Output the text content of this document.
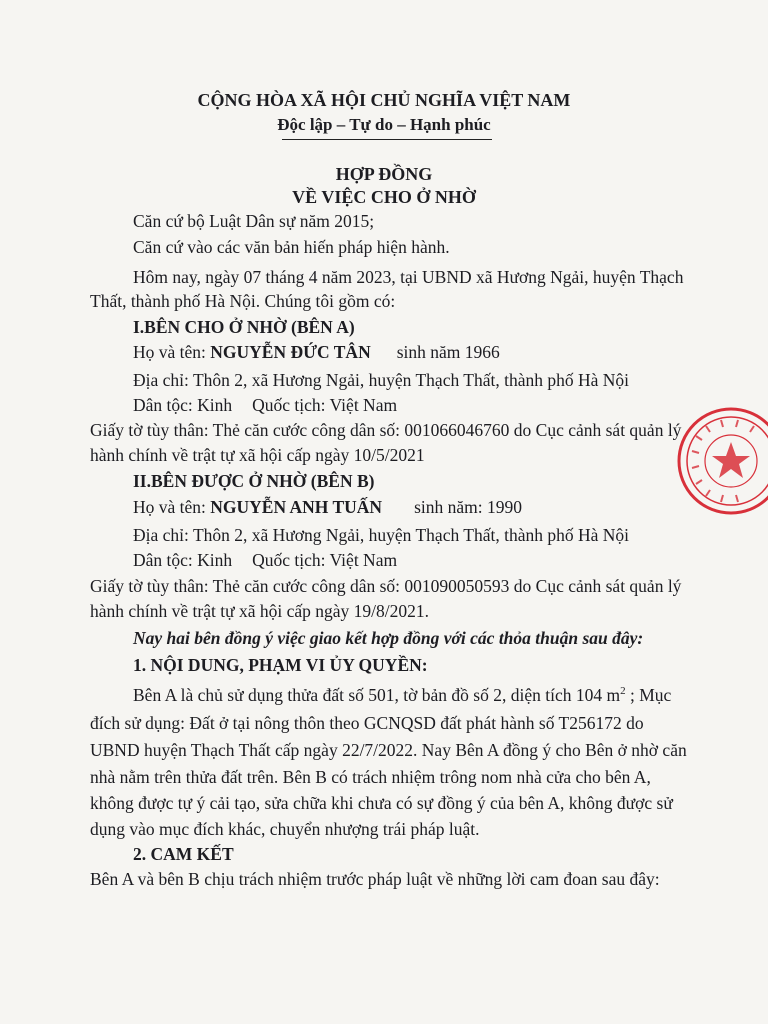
CỘNG HÒA XÃ HỘI CHỦ NGHĨA VIỆT NAM
Độc lập – Tự do – Hạnh phúc
HỢP ĐỒNG
VỀ VIỆC CHO Ở NHỜ
Căn cứ bộ Luật Dân sự năm 2015;
Căn cứ vào các văn bản hiến pháp hiện hành.
Hôm nay, ngày 07 tháng 4 năm 2023, tại UBND xã Hương Ngải, huyện Thạch
Thất, thành phố Hà Nội. Chúng tôi gồm có:
I.BÊN CHO Ở NHỜ (BÊN A)
Họ và tên: NGUYỄN ĐỨC TÂN sinh năm 1966
Địa chỉ: Thôn 2, xã Hương Ngải, huyện Thạch Thất, thành phố Hà Nội
Dân tộc: Kinh Quốc tịch: Việt Nam
Giấy tờ tùy thân: Thẻ căn cước công dân số: 001066046760 do Cục cảnh sát quản lý
hành chính về trật tự xã hội cấp ngày 10/5/2021
II.BÊN ĐƯỢC Ở NHỜ (BÊN B)
Họ và tên: NGUYỄN ANH TUẤN sinh năm: 1990
Địa chỉ: Thôn 2, xã Hương Ngải, huyện Thạch Thất, thành phố Hà Nội
Dân tộc: Kinh Quốc tịch: Việt Nam
Giấy tờ tùy thân: Thẻ căn cước công dân số: 001090050593 do Cục cảnh sát quản lý
hành chính về trật tự xã hội cấp ngày 19/8/2021.
Nay hai bên đồng ý việc giao kết hợp đồng với các thỏa thuận sau đây:
1. NỘI DUNG, PHẠM VI ỦY QUYỀN:
Bên A là chủ sử dụng thửa đất số 501, tờ bản đồ số 2, diện tích 104 $m^2$ ; Mục
đích sử dụng: Đất ở tại nông thôn theo GCNQSD đất phát hành số T256172 do
UBND huyện Thạch Thất cấp ngày 22/7/2022. Nay Bên A đồng ý cho Bên ở nhờ căn
nhà nằm trên thửa đất trên. Bên B có trách nhiệm trông nom nhà cửa cho bên A,
không được tự ý cải tạo, sửa chữa khi chưa có sự đồng ý của bên A, không được sử
dụng vào mục đích khác, chuyển nhượng trái pháp luật.
2. CAM KẾT
Bên A và bên B chịu trách nhiệm trước pháp luật về những lời cam đoan sau đây:
